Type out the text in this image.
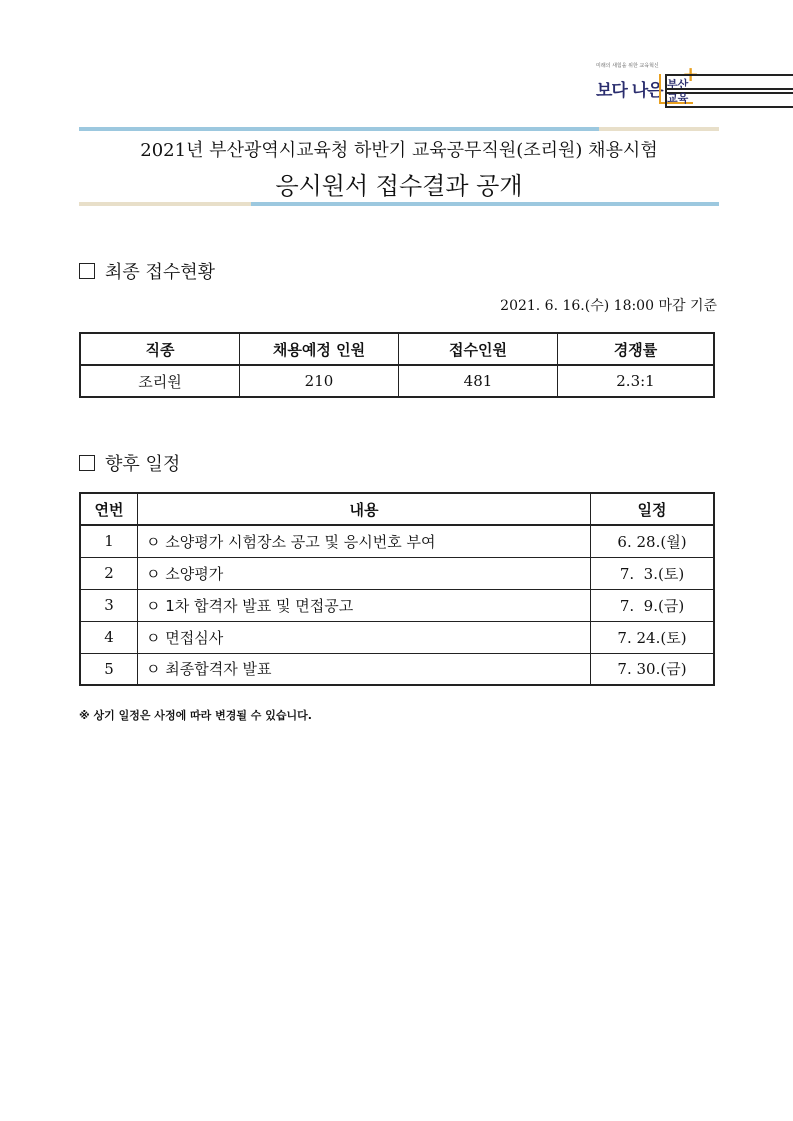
미래의 새힘을 위한 교육혁신
보다 나은
+
부산
교육
2021년 부산광역시교육청 하반기 교육공무직원(조리원) 채용시험
응시원서 접수결과 공개
최종 접수현황
2021. 6. 16.(수) 18:00 마감 기준
직종	채용예정 인원	접수인원	경쟁률
조리원	210	481	2.3:1
향후 일정
연번	내용	일정
1	ㅇ 소양평가 시험장소 공고 및 응시번호 부여	6. 28.(월)
2	ㅇ 소양평가	7.  3.(토)
3	ㅇ 1차 합격자 발표 및 면접공고	7.  9.(금)
4	ㅇ 면접심사	7. 24.(토)
5	ㅇ 최종합격자 발표	7. 30.(금)
※ 상기 일정은 사정에 따라 변경될 수 있습니다.
